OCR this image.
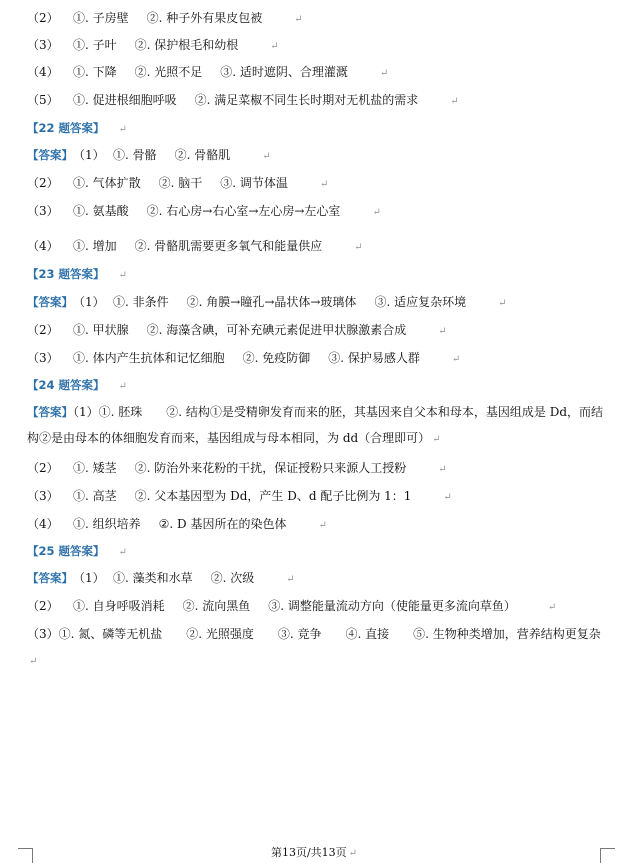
（2） ①. 子房壁 ②. 种子外有果皮包被	↵
（3） ①. 子叶 ②. 保护根毛和幼根	↵
（4） ①. 下降 ②. 光照不足 ③. 适时遮阴、合理灌溉	↵
（5） ①. 促进根细胞呼吸 ②. 满足菜椒不同生长时期对无机盐的需求	↵
【22 题答案】 ↵
【答案】（1） ①. 骨骼 ②. 骨骼肌	↵
（2） ①. 气体扩散 ②. 脑干 ③. 调节体温	↵
（3） ①. 氨基酸 ②. 右心房→右心室→左心房→左心室	↵
（4） ①. 增加 ②. 骨骼肌需要更多氧气和能量供应	↵
【23 题答案】 ↵
【答案】（1） ①. 非条件 ②. 角膜→瞳孔→晶状体→玻璃体 ③. 适应复杂环境	↵
（2） ①. 甲状腺 ②. 海藻含碘，可补充碘元素促进甲状腺激素合成	↵
（3） ①. 体内产生抗体和记忆细胞 ②. 免疫防御 ③. 保护易感人群	↵
【24 题答案】 ↵
【答案】（1）①. 胚珠　　②. 结构①是受精卵发育而来的胚，其基因来自父本和母本，基因组成是 Dd，而结构②是由母本的体细胞发育而来，基因组成与母本相同，为 dd（合理即可） ↵
（2） ①. 矮茎 ②. 防治外来花粉的干扰，保证授粉只来源人工授粉	↵
（3） ①. 高茎 ②. 父本基因型为 Dd，产生 D、d 配子比例为 1：1	↵
（4） ①. 组织培养 ②. D 基因所在的染色体	↵
【25 题答案】 ↵
【答案】（1） ①. 藻类和水草 ②. 次级	↵
（2） ①. 自身呼吸消耗 ②. 流向黑鱼 ③. 调整能量流动方向（使能量更多流向草鱼）	↵
（3）①. 氮、磷等无机盐　　②. 光照强度　　③. 竞争　　④. 直接　　⑤. 生物种类增加，营养结构更复杂↵
第13页/共13页 ↵
